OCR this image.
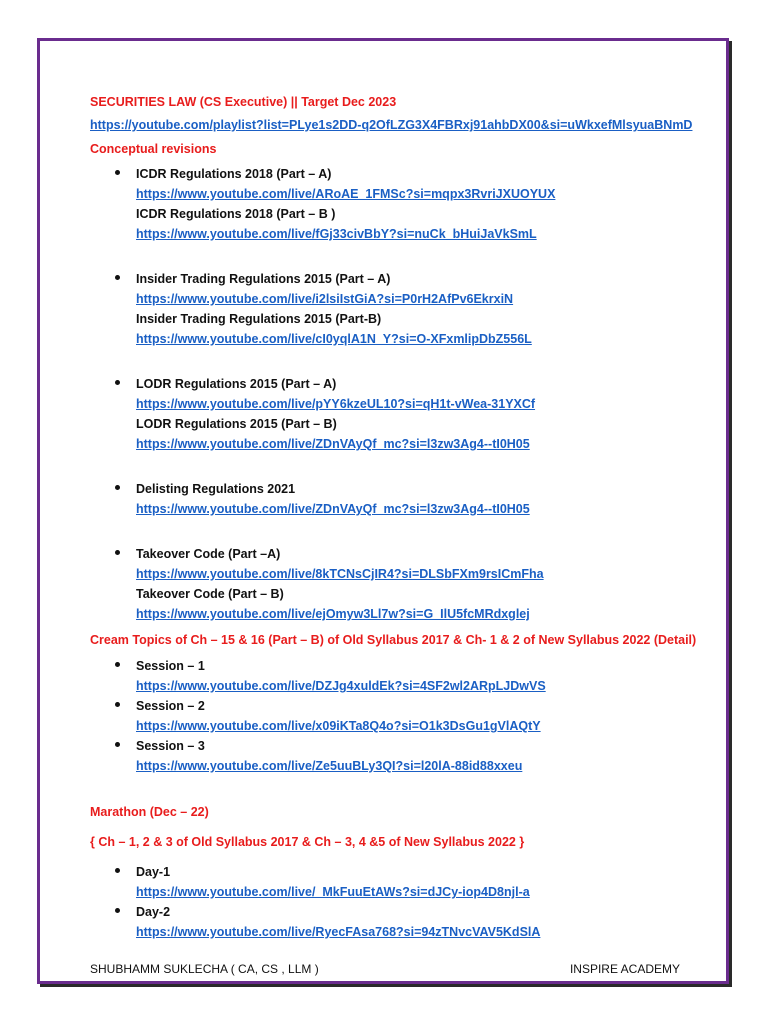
SECURITIES LAW (CS Executive) || Target Dec 2023
https://youtube.com/playlist?list=PLye1s2DD-q2OfLZG3X4FBRxj91ahbDX00&si=uWkxefMlsyuaBNmD
Conceptual revisions
ICDR Regulations 2018 (Part – A)
https://www.youtube.com/live/ARoAE_1FMSc?si=mqpx3RvriJXUOYUX
ICDR Regulations 2018 (Part – B )
https://www.youtube.com/live/fGj33civBbY?si=nuCk_bHuiJaVkSmL
Insider Trading Regulations 2015 (Part – A)
https://www.youtube.com/live/i2lsiIstGiA?si=P0rH2AfPv6EkrxiN
Insider Trading Regulations 2015 (Part-B)
https://www.youtube.com/live/cI0yqlA1N_Y?si=O-XFxmlipDbZ556L
LODR Regulations 2015 (Part – A)
https://www.youtube.com/live/pYY6kzeUL10?si=qH1t-vWea-31YXCf
LODR Regulations 2015 (Part – B)
https://www.youtube.com/live/ZDnVAyQf_mc?si=l3zw3Ag4--tI0H05
Delisting Regulations 2021
https://www.youtube.com/live/ZDnVAyQf_mc?si=l3zw3Ag4--tI0H05
Takeover Code (Part –A)
https://www.youtube.com/live/8kTCNsCjIR4?si=DLSbFXm9rsICmFha
Takeover Code (Part – B)
https://www.youtube.com/live/ejOmyw3Ll7w?si=G_IlU5fcMRdxglej
Cream Topics of Ch – 15 & 16 (Part – B) of Old Syllabus 2017 & Ch- 1 & 2 of New Syllabus 2022 (Detail)
Session – 1
https://www.youtube.com/live/DZJg4xuldEk?si=4SF2wl2ARpLJDwVS
Session – 2
https://www.youtube.com/live/x09iKTa8Q4o?si=O1k3DsGu1gVlAQtY
Session – 3
https://www.youtube.com/live/Ze5uuBLy3QI?si=l20lA-88id88xxeu
Marathon (Dec – 22)
{ Ch – 1, 2 & 3 of Old Syllabus 2017 & Ch – 3, 4 &5 of New Syllabus 2022 }
Day-1
https://www.youtube.com/live/_MkFuuEtAWs?si=dJCy-iop4D8njl-a
Day-2
https://www.youtube.com/live/RyecFAsa768?si=94zTNvcVAV5KdSlA
SHUBHAMM SUKLECHA ( CA, CS , LLM )	INSPIRE ACADEMY
